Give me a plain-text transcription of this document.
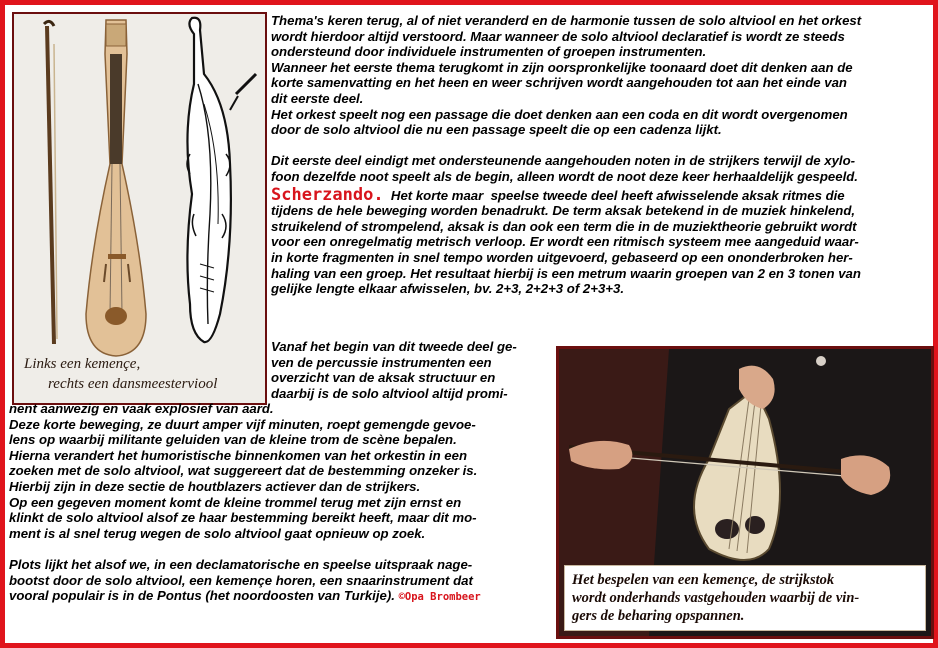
Links een kemençe,
rechts een dansmeesterviool

Thema's keren terug, al of niet veranderd en de harmonie tussen de solo altviool en het orkest

wordt hierdoor altijd verstoord. Maar wanneer de solo altviool declaratief is wordt ze steeds

ondersteund door individuele instrumenten of groepen instrumenten.

Wanneer het eerste thema terugkomt in zijn oorspronkelijke toonaard doet dit denken aan de

korte samenvatting en het heen en weer schrijven wordt aangehouden tot aan het einde van

dit eerste deel.

Het orkest speelt nog een passage die doet denken aan een coda en dit wordt overgenomen

door de solo altviool die nu een passage speelt die op een cadenza lijkt.

Dit eerste deel eindigt met ondersteunende aangehouden noten in de strijkers terwijl de xylo-

foon dezelfde noot speelt als de begin, alleen wordt de noot deze keer herhaaldelijk gespeeld.

Scherzando.  Het korte maar  speelse tweede deel heeft afwisselende aksak ritmes die

tijdens de hele beweging worden benadrukt. De term aksak betekend in de muziek hinkelend,

struikelend of strompelend, aksak is dan ook een term die in de muziektheorie gebruikt wordt

voor een onregelmatig metrisch verloop. Er wordt een ritmisch systeem mee aangeduid waar-

in korte fragmenten in snel tempo worden uitgevoerd, gebaseerd op een ononderbroken her-

haling van een groep. Het resultaat hierbij is een metrum waarin groepen van 2 en 3 tonen van

gelijke lengte elkaar afwisselen, bv. 2+3, 2+2+3 of 2+3+3.

Vanaf het begin van dit tweede deel ge-

ven de percussie instrumenten een

overzicht van de aksak structuur en

daarbij is de solo altviool altijd promi-

nent aanwezig en vaak explosief van aard.

Deze korte beweging, ze duurt amper vijf minuten, roept gemengde gevoe-

lens op waarbij militante geluiden van de kleine trom de scène bepalen.

Hierna verandert het humoristische binnenkomen van het orkestin in een

zoeken met de solo altviool, wat suggereert dat de bestemming onzeker is.

Hierbij zijn in deze sectie de houtblazers actiever dan de strijkers.

Op een gegeven moment komt de kleine trommel terug met zijn ernst en

klinkt de solo altviool alsof ze haar bestemming bereikt heeft, maar dit mo-

ment is al snel terug wegen de solo altviool gaat opnieuw op zoek.

Plots lijkt het alsof we, in een declamatorische en speelse uitspraak nage-

bootst door de solo altviool, een kemençe horen, een snaarinstrument dat

vooral populair is in de Pontus (het noordoosten van Turkije). ©Opa Brombeer

Het bespelen van een kemençe, de strijkstok
wordt onderhands vastgehouden waarbij de vin-
gers de beharing opspannen.
